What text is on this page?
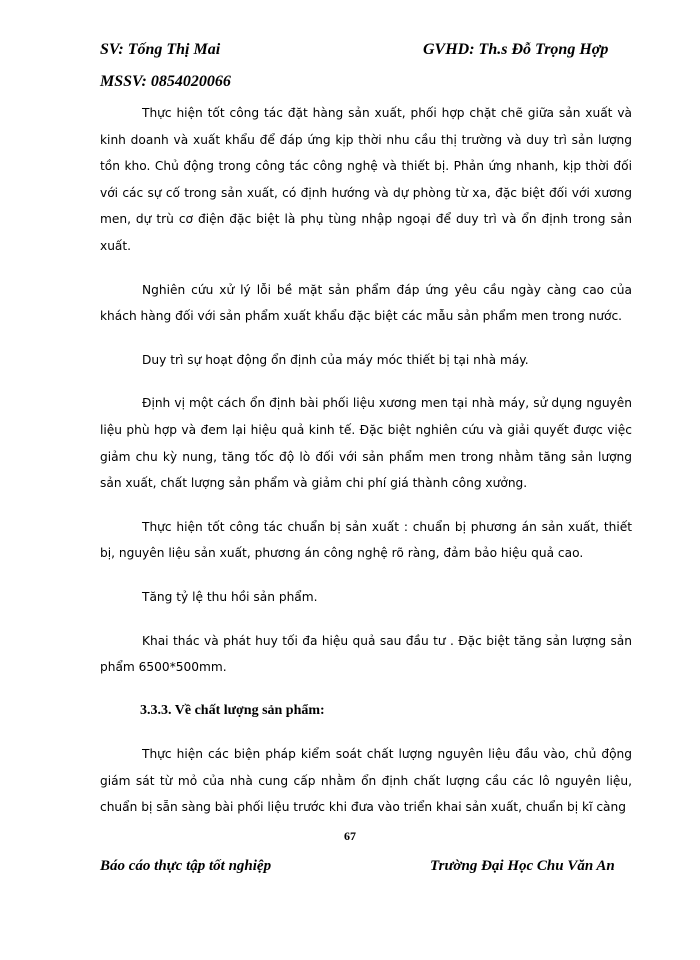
SV: Tống Thị Mai	GVHD: Th.s Đỗ Trọng Hợp
MSSV: 0854020066

Thực hiện tốt công tác đặt hàng sản xuất, phối hợp chặt chẽ giữa sản xuất và kinh doanh và xuất khẩu để đáp ứng kịp thời nhu cầu thị trường và duy trì sản lượng tồn kho. Chủ động trong công tác công nghệ và thiết bị. Phản ứng nhanh, kịp thời đối với các sự cố trong sản xuất, có định hướng và dự phòng từ xa, đặc biệt đối với xương men, dự trù cơ điện đặc biệt là phụ tùng nhập ngoại để duy trì và ổn định trong sản xuất.

Nghiên cứu xử lý lỗi bề mặt sản phẩm đáp ứng yêu cầu ngày càng cao của khách hàng đối với sản phẩm xuất khẩu đặc biệt các mẫu sản phẩm men trong nước.

Duy trì sự hoạt động ổn định của máy móc thiết bị tại nhà máy.

Định vị một cách ổn định bài phối liệu xương men tại nhà máy, sử dụng nguyên liệu phù hợp và đem lại hiệu quả kinh tế. Đặc biệt nghiên cứu và giải quyết được việc giảm chu kỳ nung, tăng tốc độ lò đối với sản phẩm men trong nhằm tăng sản lượng sản xuất, chất lượng sản phẩm và giảm chi phí giá thành công xưởng.

Thực hiện tốt công tác chuẩn bị sản xuất : chuẩn bị phương án sản xuất, thiết bị, nguyên liệu sản xuất, phương án công nghệ rõ ràng, đảm bảo hiệu quả cao.

Tăng tỷ lệ thu hồi sản phẩm.

Khai thác và phát huy tối đa hiệu quả sau đầu tư . Đặc biệt tăng sản lượng sản phẩm 6500*500mm.

3.3.3. Về chất lượng sản phẩm:

Thực hiện các biện pháp kiểm soát chất lượng nguyên liệu đầu vào, chủ động giám sát từ mỏ của nhà cung cấp nhằm ổn định chất lượng cầu các lô nguyên liệu, chuẩn bị sẵn sàng bài phối liệu trước khi đưa vào triển khai sản xuất, chuẩn bị kĩ càng

67
Báo cáo thực tập tốt nghiệp	Trường Đại Học Chu Văn An
